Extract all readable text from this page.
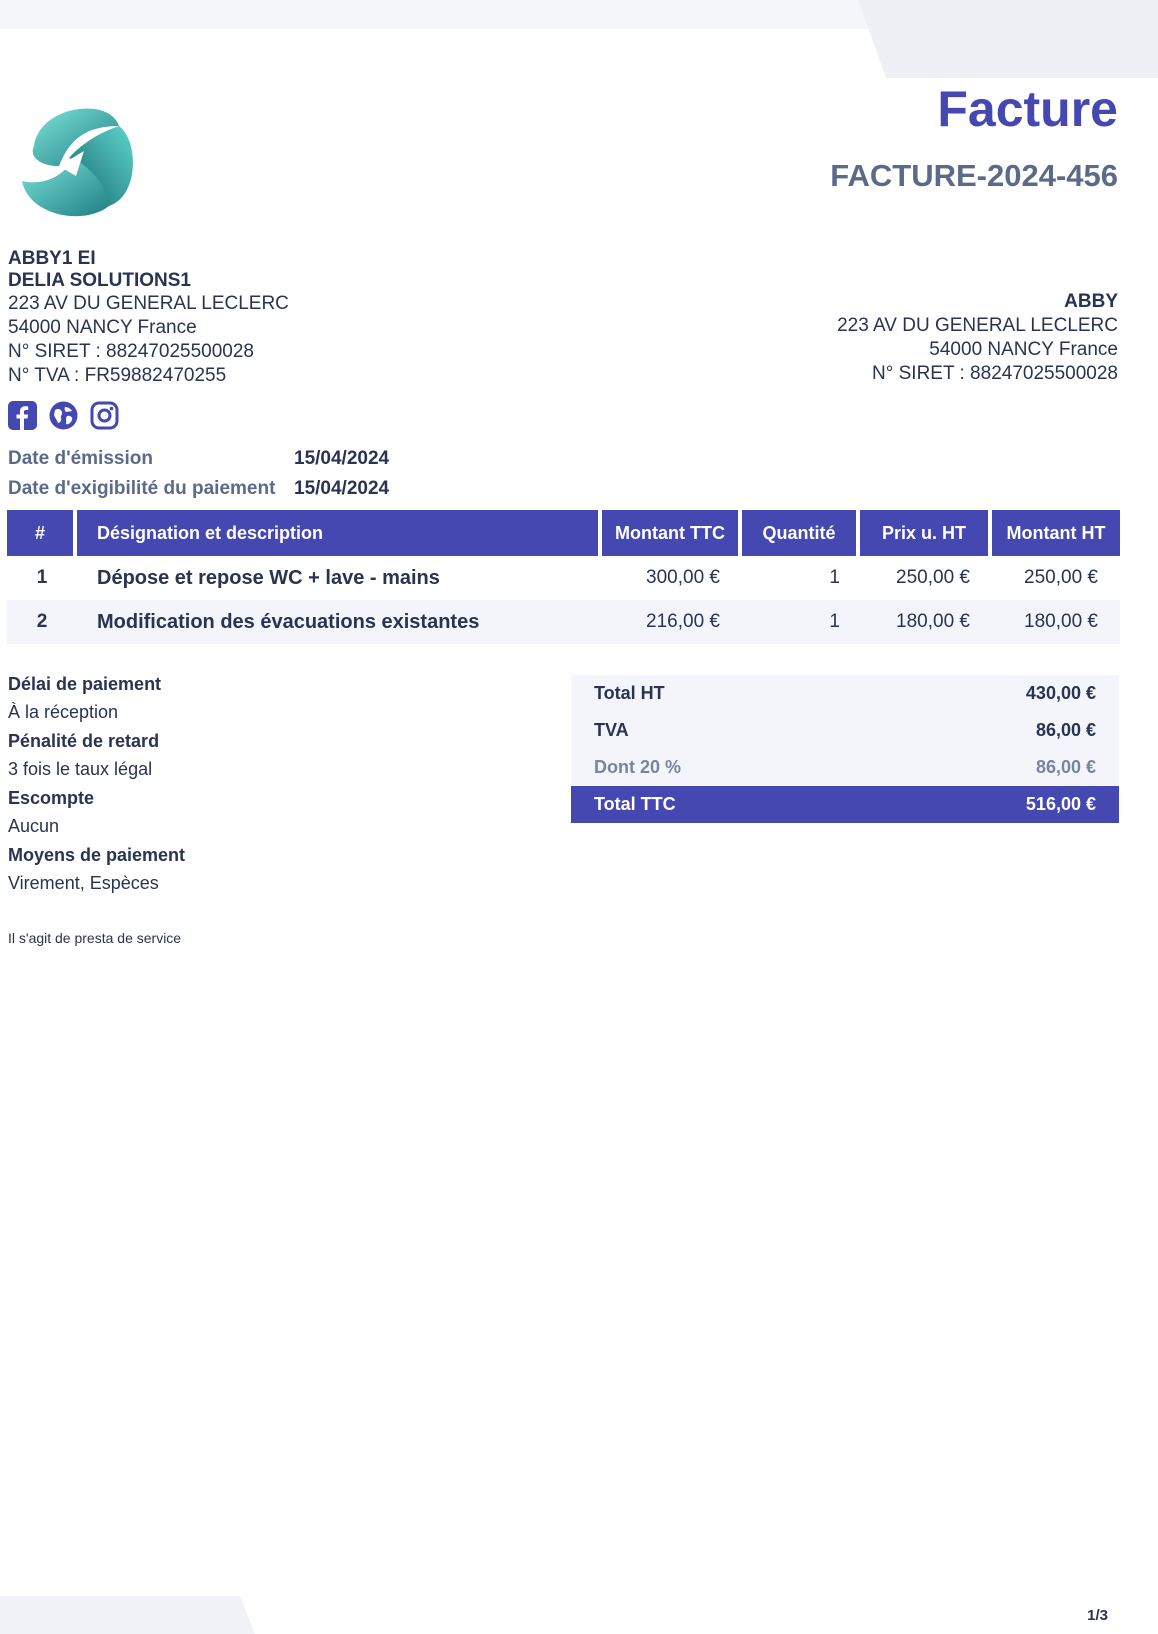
Facture
FACTURE-2024-456
ABBY1 EI
DELIA SOLUTIONS1
223 AV DU GENERAL LECLERC
54000 NANCY France
N° SIRET : 88247025500028
N° TVA : FR59882470255
ABBY
223 AV DU GENERAL LECLERC
54000 NANCY France
N° SIRET : 88247025500028
Date d'émission	15/04/2024
Date d'exigibilité du paiement 15/04/2024
#	Désignation et description	Montant TTC	Quantité	Prix u. HT	Montant HT
1	Dépose et repose WC + lave - mains	300,00 €	1	250,00 €	250,00 €
2	Modification des évacuations existantes	216,00 €	1	180,00 €	180,00 €
Délai de paiement
À la réception
Pénalité de retard
3 fois le taux légal
Escompte
Aucun
Moyens de paiement
Virement, Espèces
Il s'agit de presta de service
Total HT	430,00 €
TVA	86,00 €
Dont 20 %	86,00 €
Total TTC	516,00 €
1/3
